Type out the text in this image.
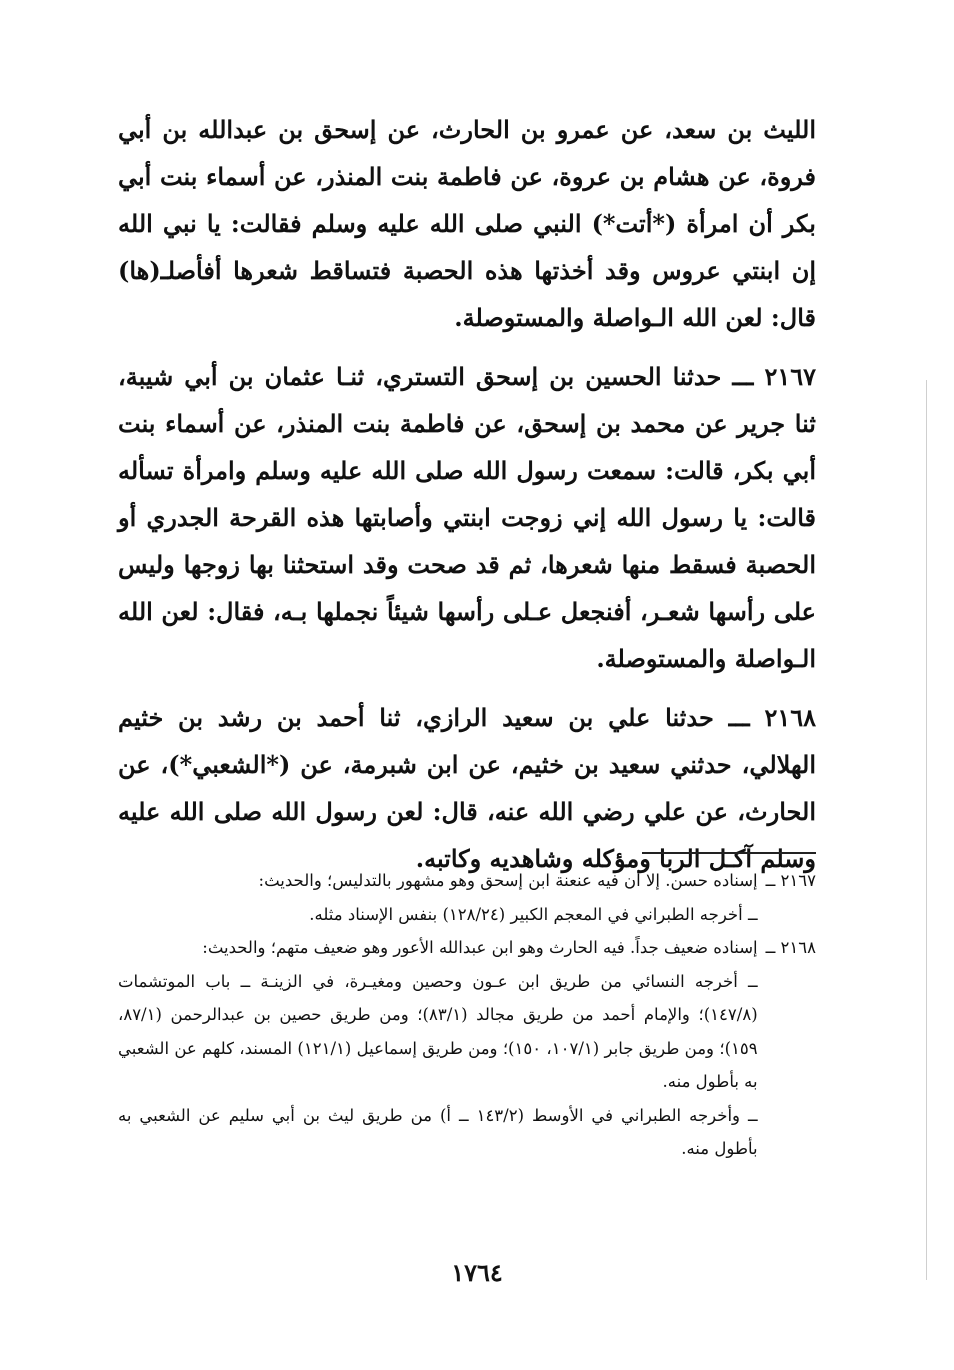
الليث بن سعد، عن عمرو بن الحارث، عن إسحق بن عبدالله بن أبي فروة، عن هشام بن عروة، عن فاطمة بنت المنذر، عن أسماء بنت أبي بكر أن امرأة (*أتت*) النبي صلى الله عليه وسلم فقالت: يا نبي الله إن ابنتي عروس وقد أخذتها هذه الحصبة فتساقط شعرها أفأصلـ(ها) قال: لعن الله الـواصلة والمستوصلة.

٢١٦٧ ـــ حدثنا الحسين بن إسحق التستري، ثنـا عثمان بن أبي شيبة، ثنا جرير عن محمد بن إسحق، عن فاطمة بنت المنذر، عن أسماء بنت أبي بكر، قالت: سمعت رسول الله صلى الله عليه وسلم وامرأة تسأله قالت: يا رسول الله إني زوجت ابنتي وأصابتها هذه القرحة الجدري أو الحصبة فسقط منها شعرها، ثم قد صحت وقد استحثنا بها زوجها وليس على رأسها شعـر، أفنجعل عـلى رأسها شيئاً نجملها بـه، فقال: لعن الله الـواصلة والمستوصلة.

٢١٦٨ ـــ حدثنا علي بن سعيد الرازي، ثنا أحمد بن رشد بن خثيم الهلالي، حدثني سعيد بن خثيم، عن ابن شبرمة، عن (*الشعبي*)، عن الحارث، عن علي رضي الله عنه، قال: لعن رسول الله صلى الله عليه وسلم آكـل الربا ومؤكله وشاهديه وكاتبه.

٢١٦٧ ــ
إسناده حسن. إلا أن فيه عنعنة ابن إسحق وهو مشهور بالتدليس؛ والحديث:
ــ أخرجه الطبراني في المعجم الكبير (١٢٨/٢٤) بنفس الإسناد مثله.
٢١٦٨ ــ
إسناده ضعيف جداً. فيه الحارث وهو ابن عبدالله الأعور وهو ضعيف متهم؛ والحديث:
ــ أخرجه النسائي من طريق ابن عـون وحصين ومغيـرة، في الزينـة ــ باب الموتشمات (١٤٧/٨)؛ والإمام أحمد من طريق مجالد (٨٣/١)؛ ومن طريق حصين بن عبدالرحمن (٨٧/١، ١٥٩)؛ ومن طريق جابر (١٠٧/١، ١٥٠)؛ ومن طريق إسماعيل (١٢١/١) المسند، كلهم عن الشعبي به بأطول منه.
ــ وأخرجه الطبراني في الأوسط (١٤٣/٢ ــ أ) من طريق ليث بن أبي سليم عن الشعبي به بأطول منه.
١٧٦٤
